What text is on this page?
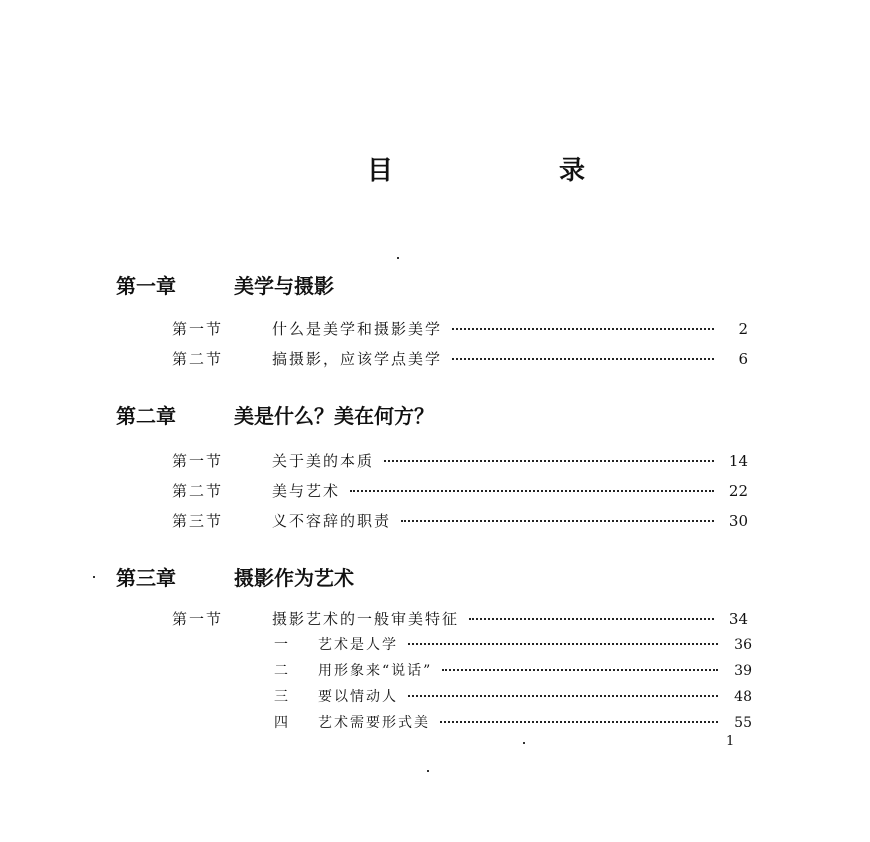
目　录
第一章	美学与摄影
第一节	什么是美学和摄影美学	2
第二节	搞摄影，应该学点美学	6
第二章	美是什么？美在何方？
第一节	关于美的本质	14
第二节	美与艺术	22
第三节	义不容辞的职责	30
第三章	摄影作为艺术
第一节	摄影艺术的一般审美特征	34
一	艺术是人学	36
二	用形象来“说话”	39
三	要以情动人	48
四	艺术需要形式美	55
1
